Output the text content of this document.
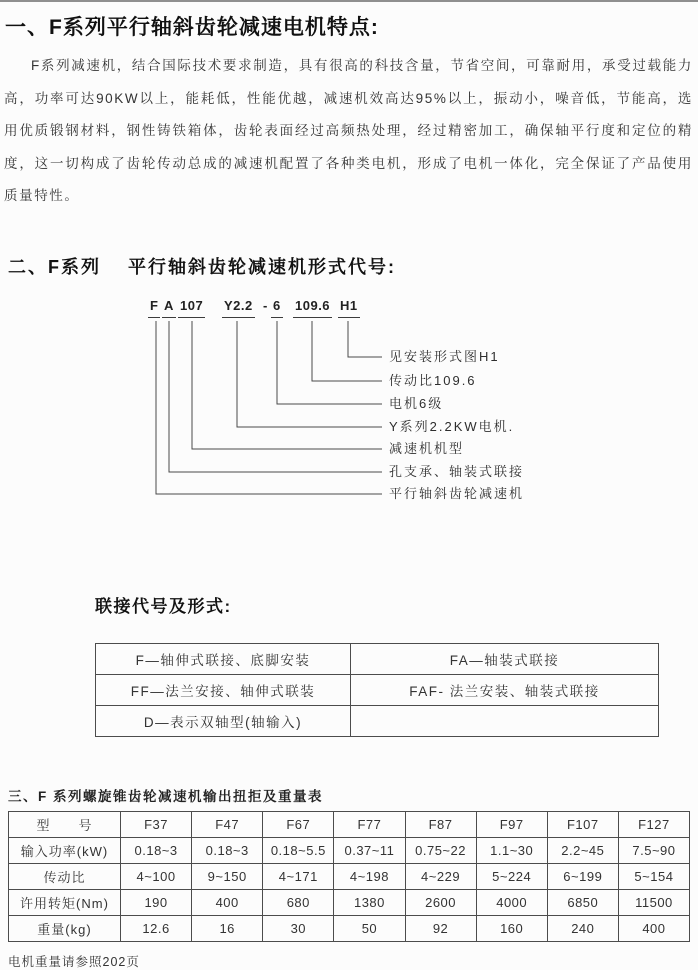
一、F系列平行轴斜齿轮减速电机特点:

F系列减速机，结合国际技术要求制造，具有很高的科技含量，节省空间，可靠耐用，承受过载能力高，功率可达90KW以上，能耗低，性能优越，减速机效高达95%以上，振动小，噪音低，节能高，选用优质锻钢材料，钢性铸铁箱体，齿轮表面经过高频热处理，经过精密加工，确保轴平行度和定位的精度，这一切构成了齿轮传动总成的减速机配置了各种类电机，形成了电机一体化，完全保证了产品使用质量特性。

二、F系列　 平行轴斜齿轮减速机形式代号:
F A 107 Y2.2 - 6 109.6 H1
见安装形式图H1
传动比109.6
电机6级
Y系列2.2KW电机.
减速机机型
孔支承、轴装式联接
平行轴斜齿轮减速机
联接代号及形式:
F—轴伸式联接、底脚安装	FA—轴装式联接
FF—法兰安接、轴伸式联装	FAF- 法兰安装、轴装式联接
D—表示双轴型(轴输入)	
三、F 系列螺旋锥齿轮减速机输出扭拒及重量表
型　　号	F37	F47	F67	F77	F87	F97	F107	F127
输入功率(kW)	0.18~3	0.18~3	0.18~5.5	0.37~11	0.75~22	1.1~30	2.2~45	7.5~90
传动比	4~100	9~150	4~171	4~198	4~229	5~224	6~199	5~154
许用转矩(Nm)	190	400	680	1380	2600	4000	6850	11500
重量(kg)	12.6	16	30	50	92	160	240	400
电机重量请参照202页
